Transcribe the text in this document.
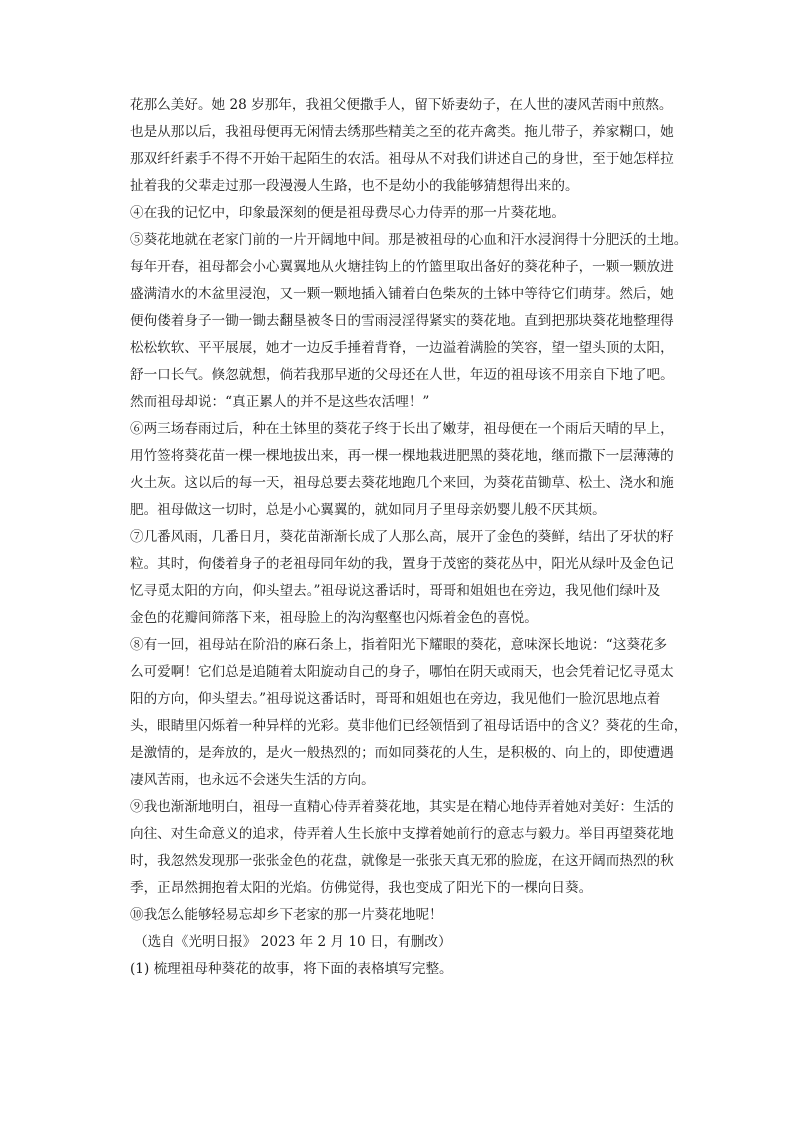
花那么美好。她 28 岁那年，我祖父便撒手人，留下娇妻幼子，在人世的凄风苦雨中煎熬。
也是从那以后，我祖母便再无闲情去绣那些精美之至的花卉禽类。拖儿带子，养家糊口，她
那双纤纤素手不得不开始干起陌生的农活。祖母从不对我们讲述自己的身世，至于她怎样拉
扯着我的父辈走过那一段漫漫人生路，也不是幼小的我能够猜想得出来的。
④在我的记忆中，印象最深刻的便是祖母费尽心力侍弄的那一片葵花地。
⑤葵花地就在老家门前的一片开阔地中间。那是被祖母的心血和汗水浸润得十分肥沃的土地。
每年开春，祖母都会小心翼翼地从火塘挂钩上的竹篮里取出备好的葵花种子，一颗一颗放进
盛满清水的木盆里浸泡，又一颗一颗地插入铺着白色柴灰的土钵中等待它们萌芽。然后，她
便佝偻着身子一锄一锄去翻垦被冬日的雪雨浸淫得紧实的葵花地。直到把那块葵花地整理得
松松软软、平平展展，她才一边反手捶着背脊，一边溢着满脸的笑容，望一望头顶的太阳，
舒一口长气。倏忽就想，倘若我那早逝的父母还在人世，年迈的祖母该不用亲自下地了吧。
然而祖母却说：“真正累人的并不是这些农活哩！”
⑥两三场春雨过后，种在土钵里的葵花子终于长出了嫩芽，祖母便在一个雨后天晴的早上，
用竹签将葵花苗一棵一棵地拔出来，再一棵一棵地栽进肥黑的葵花地，继而撒下一层薄薄的
火土灰。这以后的每一天，祖母总要去葵花地跑几个来回，为葵花苗锄草、松土、浇水和施
肥。祖母做这一切时，总是小心翼翼的，就如同月子里母亲奶婴儿般不厌其烦。
⑦几番风雨，几番日月，葵花苗渐渐长成了人那么高，展开了金色的葵鲜，结出了牙状的籽
粒。其时，佝偻着身子的老祖母同年幼的我，置身于茂密的葵花丛中，阳光从绿叶及金色记
忆寻觅太阳的方向，仰头望去。”祖母说这番话时，哥哥和姐姐也在旁边，我见他们绿叶及
金色的花瓣间筛落下来，祖母脸上的沟沟壑壑也闪烁着金色的喜悦。
⑧有一回，祖母站在阶沿的麻石条上，指着阳光下耀眼的葵花，意味深长地说：“这葵花多
么可爱啊！它们总是追随着太阳旋动自己的身子，哪怕在阴天或雨天，也会凭着记忆寻觅太
阳的方向，仰头望去。”祖母说这番话时，哥哥和姐姐也在旁边，我见他们一脸沉思地点着
头，眼睛里闪烁着一种异样的光彩。莫非他们已经领悟到了祖母话语中的含义？葵花的生命，
是激情的，是奔放的，是火一般热烈的；而如同葵花的人生，是积极的、向上的，即使遭遇
凄风苦雨，也永远不会迷失生活的方向。
⑨我也渐渐地明白，祖母一直精心侍弄着葵花地，其实是在精心地侍弄着她对美好：生活的
向往、对生命意义的追求，侍弄着人生长旅中支撑着她前行的意志与毅力。举目再望葵花地
时，我忽然发现那一张张金色的花盘，就像是一张张天真无邪的脸庞，在这开阔而热烈的秋
季，正昂然拥抱着太阳的光焰。仿佛觉得，我也变成了阳光下的一棵向日葵。
⑩我怎么能够轻易忘却乡下老家的那一片葵花地呢！
（选自《光明日报》 2023 年 2 月 10 日，有删改）
(1) 梳理祖母种葵花的故事，将下面的表格填写完整。
